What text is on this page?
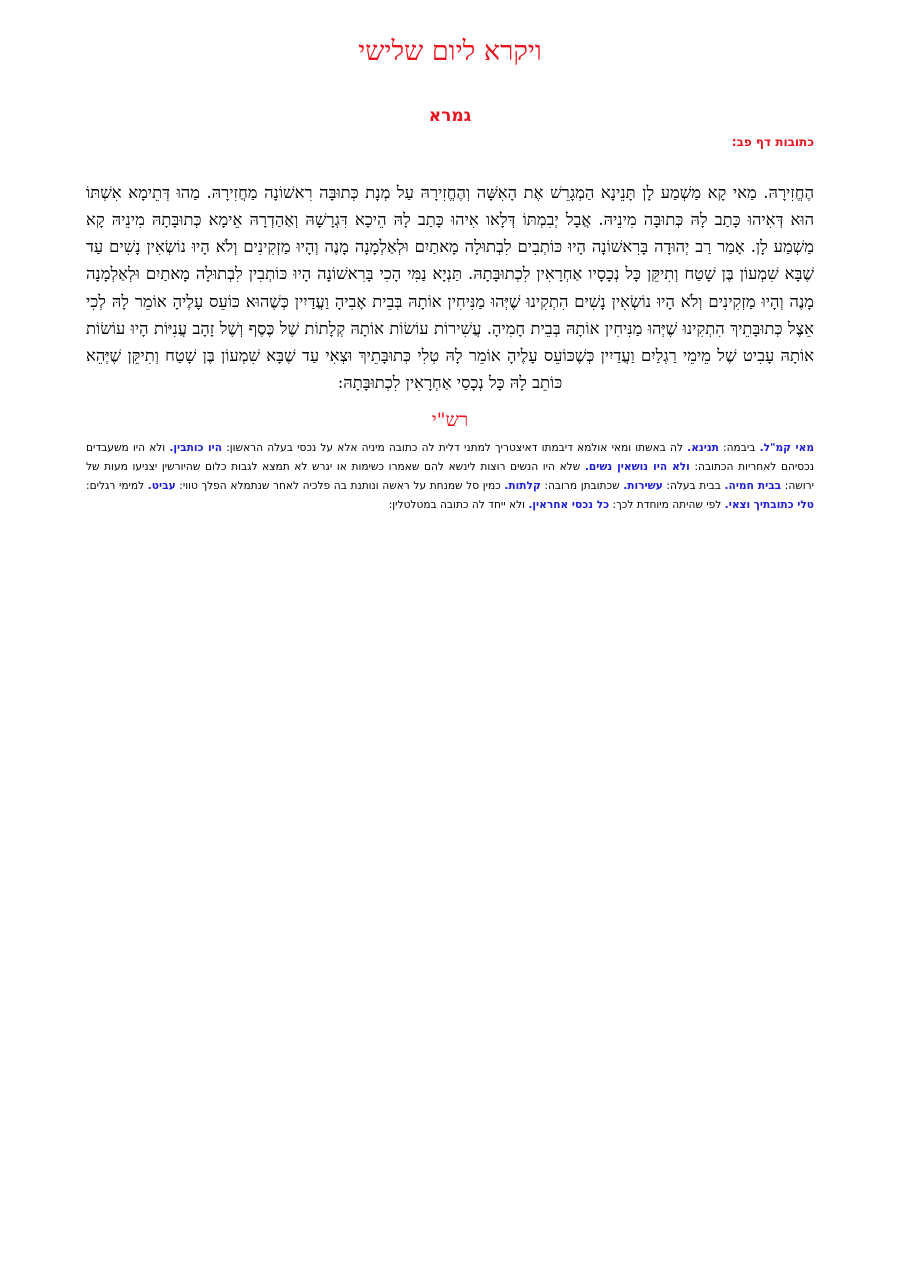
ויקרא ליום שלישי
גמרא
כתובות דף פב:

הֶחֱזִירָהּ. מַאי קָא מַשְׁמַע לָן תָּנֵינָא הַמְגָרֵשׁ אֶת הָאִשָּׁה וְהֶחֱזִירָהּ עַל מְנָת כְּתוּבָּה רִאשׁוֹנָה מַחֲזִירָהּ. מַהוּ דְּתֵימָא אִשְׁתּוֹ הוּא דְּאִיהוּ כָּתַב לָהּ כְּתוּבָּה מִינֵיהּ. אֲבָל יְבִמְתּוֹ דְּלָאו אִיהוּ כָּתַב לָהּ הֵיכָא דִּגְרָשָׁהּ וְאַהַדְרָהּ אֵימָא כְּתוּבָּתָהּ מִינֵיהּ קָא מַשְׁמַע לָן. אָמַר רַב יְהוּדָה בָּרִאשׁוֹנָה הָיוּ כּוֹתְבִים לִבְתוּלָה מָאתַיִם וּלְאַלְמָנָה מָנֶה וְהָיוּ מַזְקִינִים וְלֹא הָיוּ נוֹשְׂאִין נָשִׁים עַד שֶׁבָּא שִׁמְעוֹן בֶּן שָׁטַח וְתִיקֵּן כָּל נְכָסָיו אַחְרָאִין לִכְתוּבָּתָהּ. תַּנְיָא נַמִּי הָכִי בָּרִאשׁוֹנָה הָיוּ כּוֹתְבִין לִבְתוּלָה מָאתַיִם וּלְאַלְמָנָה מָנֶה וְהָיוּ מַזְקִינִים וְלֹא הָיוּ נוֹשְׂאִין נָשִׁים הִתְקִינוּ שֶׁיְּהוּ מַנִּיחִין אוֹתָהּ בְּבֵית אָבִיהָ וַעֲדַיִין כְּשֶׁהוּא כּוֹעֵס עָלֶיהָ אוֹמֵר לָהּ לְכִי אֵצֶל כְּתוּבָּתֵיךְ הִתְקִינוּ שֶׁיְּהוּ מַנִּיחִין אוֹתָהּ בְּבֵית חָמִיהָ. עֲשִׁירוֹת עוֹשׂוֹת אוֹתָהּ קְלָתוֹת שֶׁל כֶּסֶף וְשֶׁל זָהָב עֲנִיּוֹת הָיוּ עוֹשׂוֹת אוֹתָהּ עָבִיט שֶׁל מֵימֵי רַגְלַיִם וַעֲדַיִין כְּשֶׁכּוֹעֵס עָלֶיהָ אוֹמֵר לָהּ טְלִי כְּתוּבָּתֵיךְ וּצְאִי עַד שֶׁבָּא שִׁמְעוֹן בֶּן שָׁטַח וְתִיקֵּן שֶׁיְּהֵא כּוֹתֵב לָהּ כָּל נְכָסַי אַחְרָאִין לִכְתוּבָּתָהּ:

רש"י

מאי קמ"ל. ביבמה: תנינא. לה באשתו ומאי אולמא דיבמתו דאיצטריך למתני דלית לה כתובה מיניה אלא על נכסי בעלה הראשון: היו כותבין. ולא היו משעבדים נכסיהם לאחריות הכתובה: ולא היו נושאין נשים. שלא היו הנשים רוצות לינשא להם שאמרו כשימות או יגרש לא תמצא לגבות כלום שהיורשין יצניעו מעות של ירושה: בבית חמיה. בבית בעלה: עשירות. שכתובתן מרובה: קלתות. כמין סל שמנחת על ראשה ונותנת בה פלכיה לאחר שנתמלא הפלך טווי: עביט. למימי רגלים: טלי כתובתיך וצאי. לפי שהיתה מיוחדת לכך: כל נכסי אחראין. ולא ייחד לה כתובה במטלטלין:
